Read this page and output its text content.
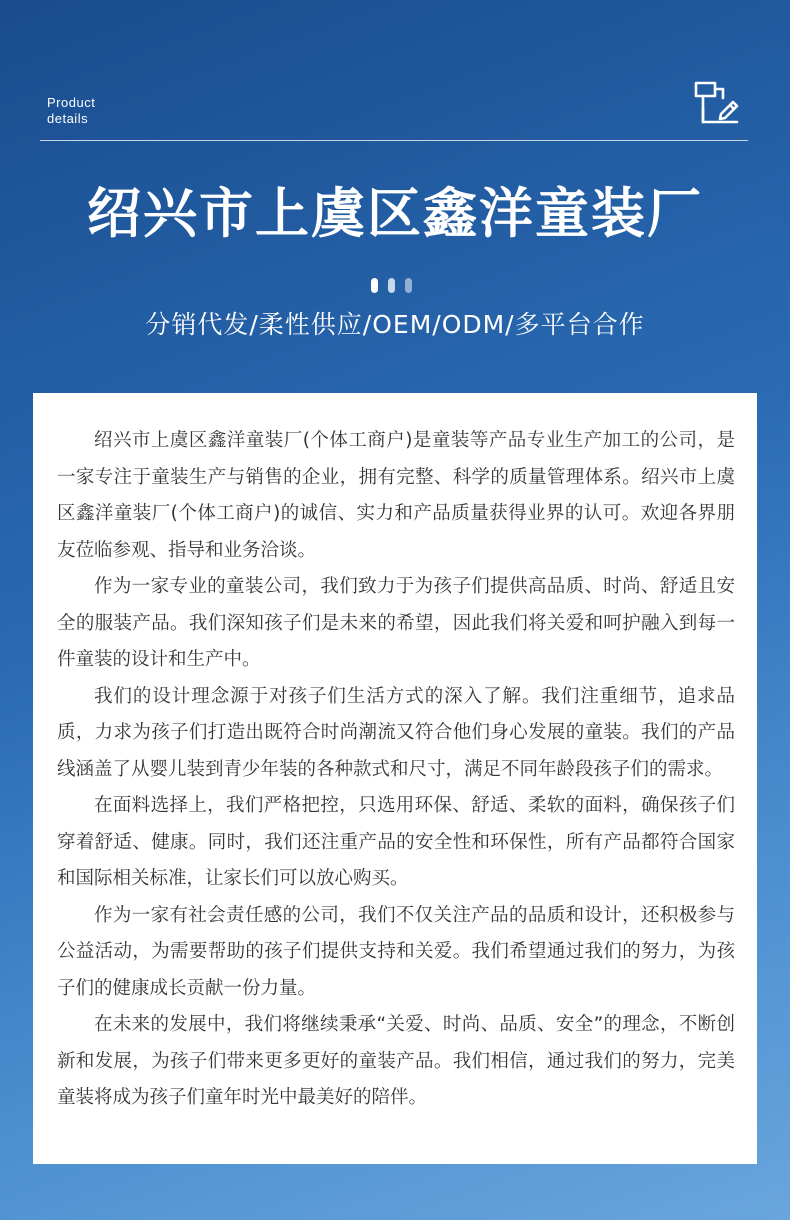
Product
details
绍兴市上虞区鑫洋童装厂
分销代发/柔性供应/OEM/ODM/多平台合作

绍兴市上虞区鑫洋童装厂(个体工商户)是童装等产品专业生产加工的公司，是一家专注于童装生产与销售的企业，拥有完整、科学的质量管理体系。绍兴市上虞区鑫洋童装厂(个体工商户)的诚信、实力和产品质量获得业界的认可。欢迎各界朋友莅临参观、指导和业务洽谈。

作为一家专业的童装公司，我们致力于为孩子们提供高品质、时尚、舒适且安全的服装产品。我们深知孩子们是未来的希望，因此我们将关爱和呵护融入到每一件童装的设计和生产中。

我们的设计理念源于对孩子们生活方式的深入了解。我们注重细节，追求品质，力求为孩子们打造出既符合时尚潮流又符合他们身心发展的童装。我们的产品线涵盖了从婴儿装到青少年装的各种款式和尺寸，满足不同年龄段孩子们的需求。

在面料选择上，我们严格把控，只选用环保、舒适、柔软的面料，确保孩子们穿着舒适、健康。同时，我们还注重产品的安全性和环保性，所有产品都符合国家和国际相关标准，让家长们可以放心购买。

作为一家有社会责任感的公司，我们不仅关注产品的品质和设计，还积极参与公益活动，为需要帮助的孩子们提供支持和关爱。我们希望通过我们的努力，为孩子们的健康成长贡献一份力量。

在未来的发展中，我们将继续秉承“关爱、时尚、品质、安全”的理念，不断创新和发展，为孩子们带来更多更好的童装产品。我们相信，通过我们的努力，完美童装将成为孩子们童年时光中最美好的陪伴。
